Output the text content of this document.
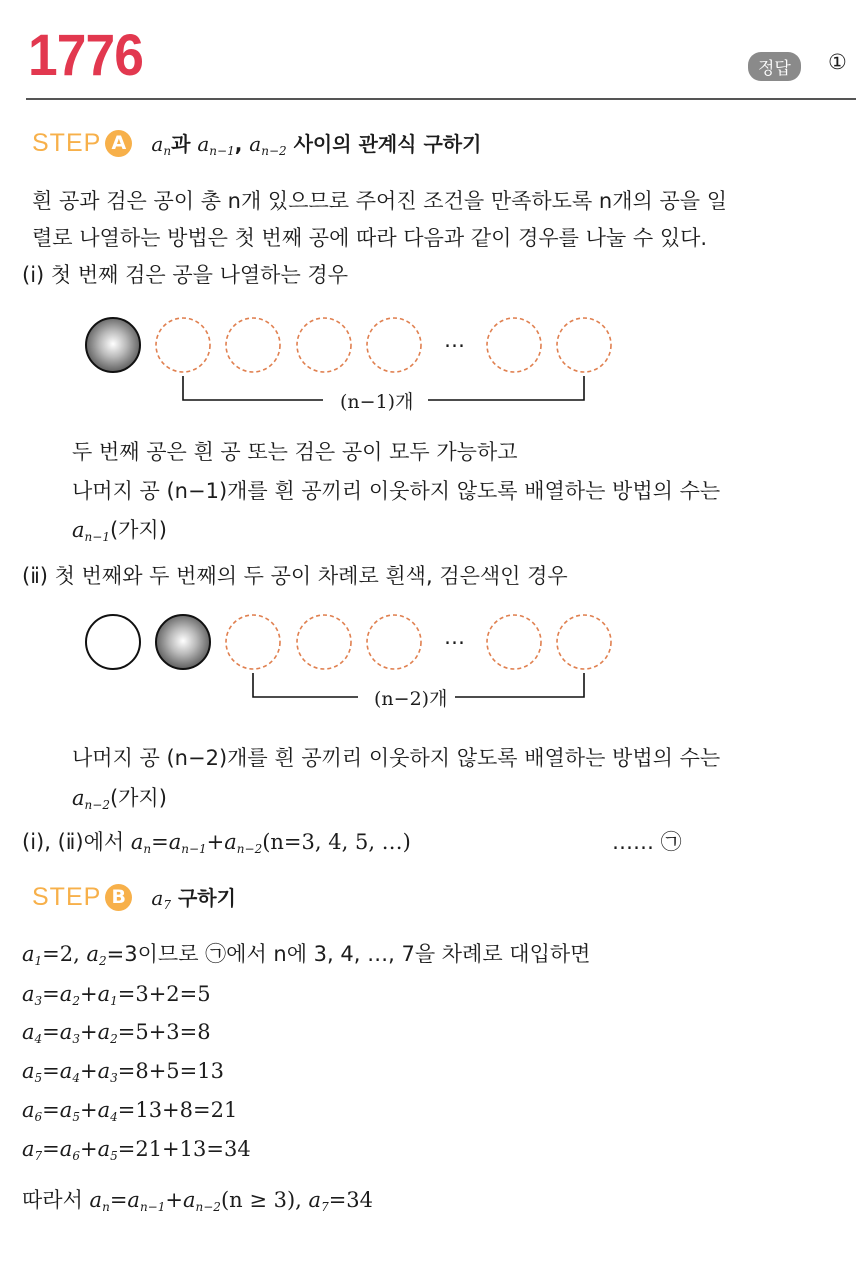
1776	정답	①
STEP A $a_n$과 $a_{n-1}$, $a_{n-2}$ 사이의 관계식 구하기
흰 공과 검은 공이 총 n개 있으므로 주어진 조건을 만족하도록 n개의 공을 일
렬로 나열하는 방법은 첫 번째 공에 따라 다음과 같이 경우를 나눌 수 있다.
(ⅰ) 첫 번째 검은 공을 나열하는 경우
…
(n−1)개
두 번째 공은 흰 공 또는 검은 공이 모두 가능하고
나머지 공 (n−1)개를 흰 공끼리 이웃하지 않도록 배열하는 방법의 수는
$a_{n-1}$(가지)
(ⅱ) 첫 번째와 두 번째의 두 공이 차례로 흰색, 검은색인 경우
…
(n−2)개
나머지 공 (n−2)개를 흰 공끼리 이웃하지 않도록 배열하는 방법의 수는
$a_{n-2}$(가지)
(ⅰ), (ⅱ)에서 $a_n=a_{n-1}+a_{n-2}(n=3$, 4, 5, …)	…… ㉠
STEP B $a_7$ 구하기
a1=2, a2=3이므로 ㉠에서 n에 3, 4, …, 7을 차례로 대입하면
a3=a2+a1=3+2=5
a4=a3+a2=5+3=8
a5=a4+a3=8+5=13
a6=a5+a4=13+8=21
a7=a6+a5=21+13=34
따라서 $a_n=a_{n-1}+a_{n-2}(n \ge 3)$, a7=34
